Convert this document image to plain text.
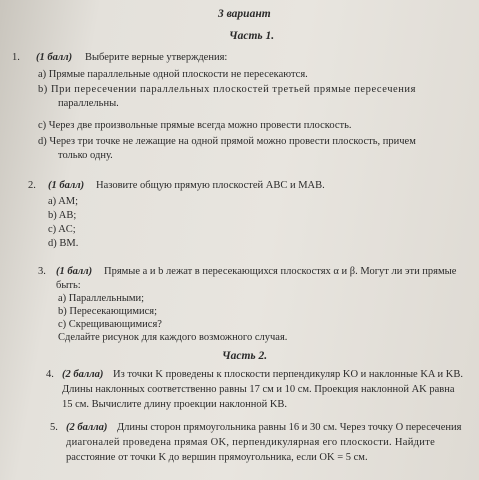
3 вариант
Часть 1.
1. (1 балл) Выберите верные утверждения:
a) Прямые параллельные одной плоскости не пересекаются.
b) При пересечении параллельных плоскостей третьей прямые пересечения
параллельны.
c) Через две произвольные прямые всегда можно провести плоскость.
d) Через три точке не лежащие на одной прямой можно провести плоскость, причем
только одну.
2. (1 балл) Назовите общую прямую плоскостей ABC и MAB.
a) AM;
b) AB;
c) AC;
d) BM.
3. (1 балл) Прямые a и b лежат в пересекающихся плоскостях α и β. Могут ли эти прямые
быть:
a) Параллельными;
b) Пересекающимися;
c) Скрещивающимися?
Сделайте рисунок для каждого возможного случая.
Часть 2.
4. (2 балла) Из точки K проведены к плоскости перпендикуляр KO и наклонные KA и KB.
Длины наклонных соответственно равны 17 см и 10 см. Проекция наклонной AK равна
15 см. Вычислите длину проекции наклонной KB.
5. (2 балла) Длины сторон прямоугольника равны 16 и 30 см. Через точку O пересечения
диагоналей проведена прямая OK, перпендикулярная его плоскости. Найдите
расстояние от точки K до вершин прямоугольника, если OK = 5 см.
